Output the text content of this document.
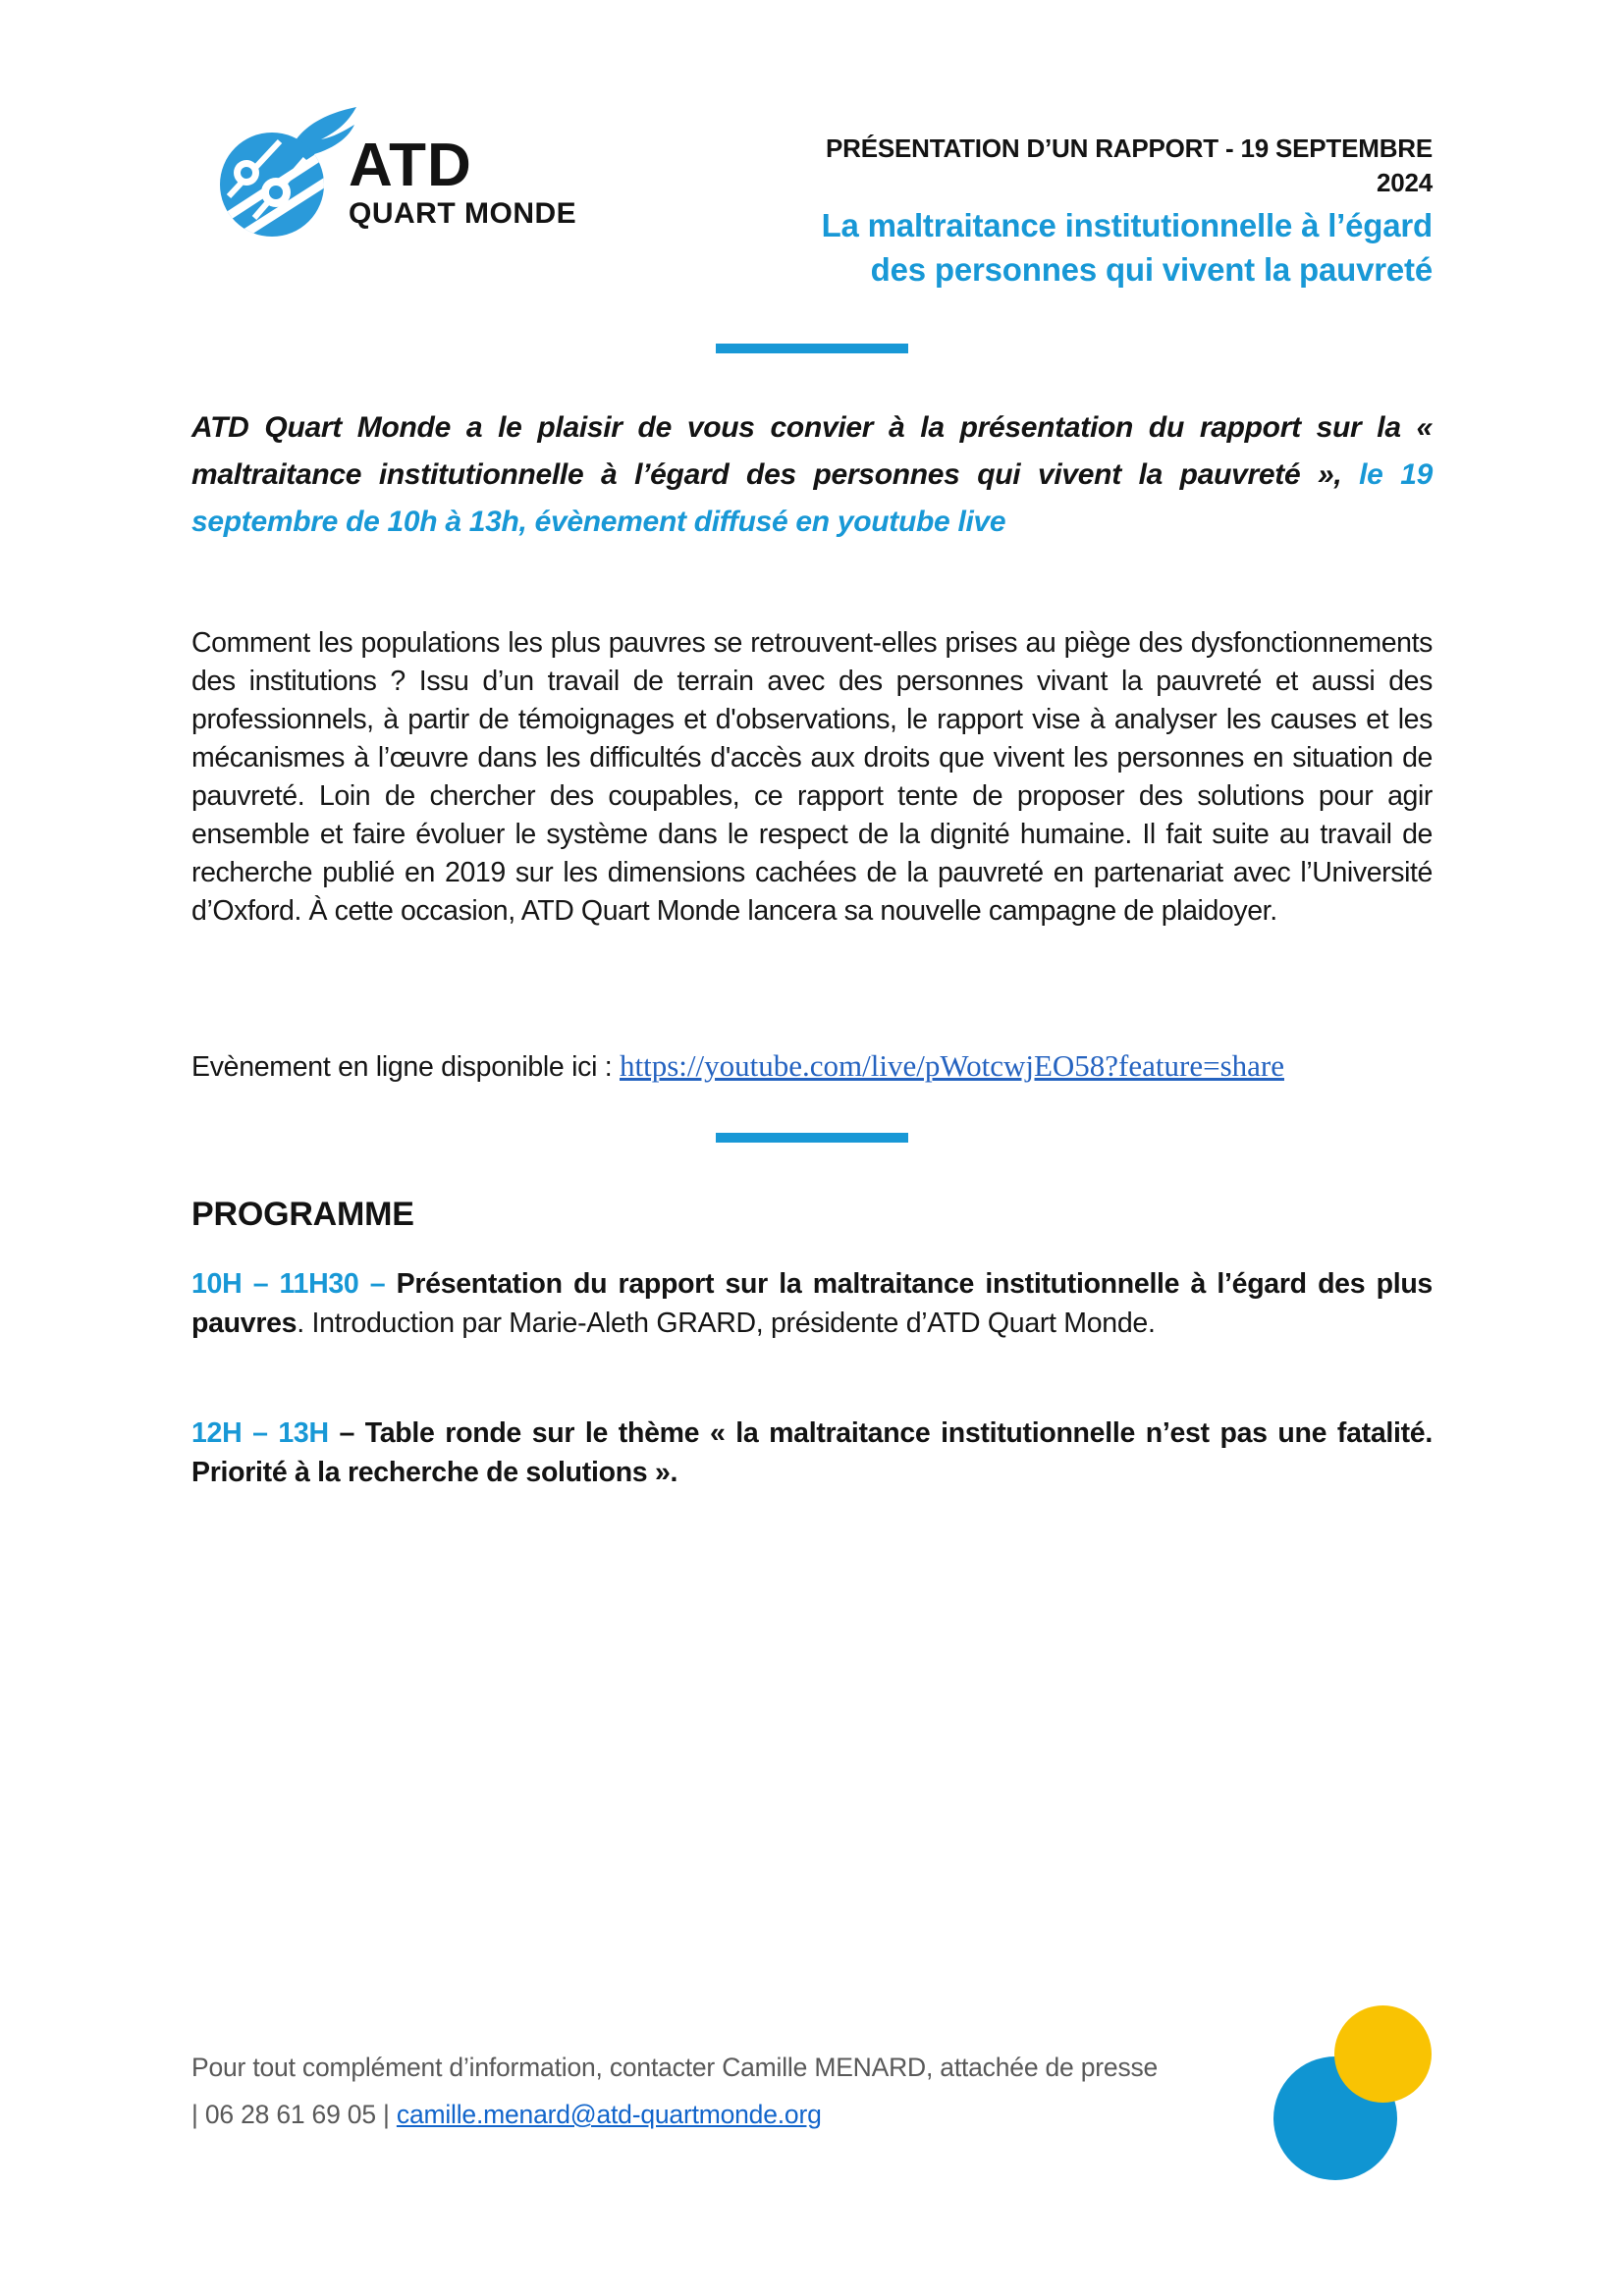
ATD
QUART MONDE
PRÉSENTATION D’UN RAPPORT - 19 SEPTEMBRE
2024
La maltraitance institutionnelle à l’égard
des personnes qui vivent la pauvreté

ATD Quart Monde a le plaisir de vous convier à la présentation du rapport sur la « maltraitance institutionnelle à l’égard des personnes qui vivent la pauvreté », le 19 septembre de 10h à 13h, évènement diffusé en youtube live

Comment les populations les plus pauvres se retrouvent-elles prises au piège des dysfonctionnements des institutions ? Issu d’un travail de terrain avec des personnes vivant la pauvreté et aussi des professionnels, à partir de témoignages et d'observations, le rapport vise à analyser les causes et les mécanismes à l’œuvre dans les difficultés d'accès aux droits que vivent les personnes en situation de pauvreté. Loin de chercher des coupables, ce rapport tente de proposer des solutions pour agir ensemble et faire évoluer le système dans le respect de la dignité humaine. Il fait suite au travail de recherche publié en 2019 sur les dimensions cachées de la pauvreté en partenariat avec l’Université d’Oxford. À cette occasion, ATD Quart Monde lancera sa nouvelle campagne de plaidoyer.

Evènement en ligne disponible ici : https://youtube.com/live/pWotcwjEO58?feature=share

PROGRAMME

10H – 11H30 – Présentation du rapport sur la maltraitance institutionnelle à l’égard des plus pauvres. Introduction par Marie-Aleth GRARD, présidente d’ATD Quart Monde.

12H – 13H – Table ronde sur le thème « la maltraitance institutionnelle n’est pas une fatalité. Priorité à la recherche de solutions ».

Pour tout complément d’information, contacter Camille MENARD, attachée de presse

| 06 28 61 69 05 | camille.menard@atd-quartmonde.org
